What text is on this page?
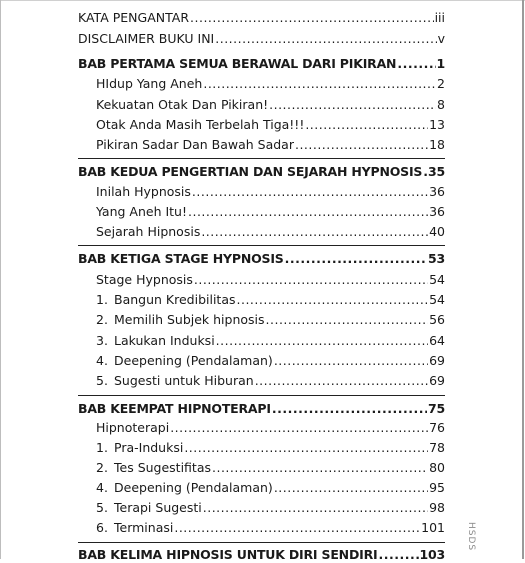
KATA PENGANTAR .....	iii
DISCLAIMER BUKU INI .....	v
BAB PERTAMA SEMUA BERAWAL DARI PIKIRAN .....	1
HIdup Yang Aneh .....	2
Kekuatan Otak Dan Pikiran! .....	8
Otak Anda Masih Terbelah Tiga!!! .....	13
Pikiran Sadar Dan Bawah Sadar .....	18
BAB KEDUA PENGERTIAN DAN SEJARAH HYPNOSIS ..... 35
Inilah Hypnosis .....	36
Yang Aneh Itu! .....	36
Sejarah Hipnosis .....	40
BAB KETIGA STAGE HYPNOSIS .....	53
Stage Hypnosis .....	54
1. Bangun Kredibilitas .....	54
2. Memilih Subjek hipnosis .....	56
3. Lakukan Induksi .....	64
4. Deepening (Pendalaman) .....	69
5. Sugesti untuk Hiburan .....	69
BAB KEEMPAT HIPNOTERAPI .....	75
Hipnoterapi .....	76
1. Pra-Induksi .....	78
2. Tes Sugestifitas .....	80
4. Deepening (Pendalaman) .....	95
5. Terapi Sugesti .....	98
6. Terminasi .....	101
BAB KELIMA HIPNOSIS UNTUK DIRI SENDIRI .....	103
HSDS
